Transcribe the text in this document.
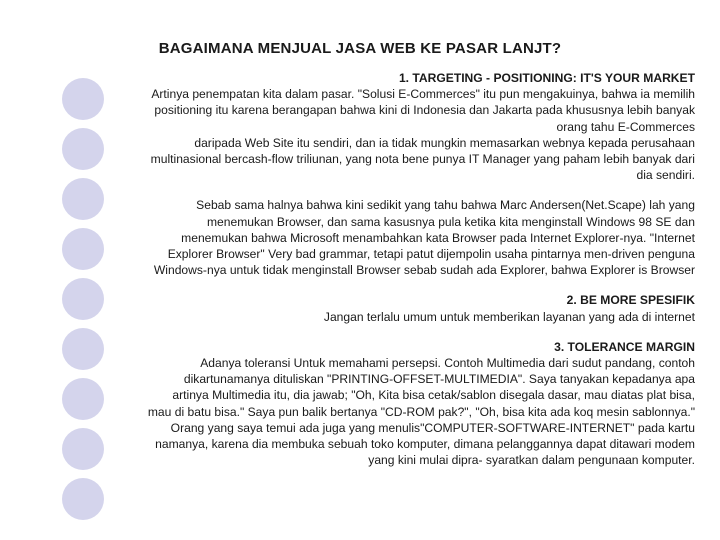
BAGAIMANA MENJUAL JASA WEB KE PASAR LANJT?

1. TARGETING - POSITIONING: IT'S YOUR MARKET

Artinya penempatan kita dalam pasar. "Solusi E-Commerces" itu pun mengakuinya, bahwa ia memilih

positioning itu karena berangapan bahwa kini di Indonesia dan Jakarta pada khususnya lebih banyak

orang tahu E-Commerces

daripada Web Site itu sendiri, dan ia tidak mungkin memasarkan webnya kepada perusahaan

multinasional bercash-flow triliunan, yang nota bene punya IT Manager yang paham lebih banyak dari

dia sendiri.

Sebab sama halnya bahwa kini sedikit yang tahu bahwa Marc Andersen(Net.Scape) lah yang

menemukan Browser, dan sama kasusnya pula ketika kita menginstall Windows 98 SE dan

menemukan bahwa Microsoft menambahkan kata Browser pada Internet Explorer-nya. "Internet

Explorer Browser" Very bad grammar, tetapi patut dijempolin usaha pintarnya men-driven penguna

Windows-nya untuk tidak menginstall Browser sebab sudah ada Explorer, bahwa Explorer is Browser

2. BE MORE SPESIFIK

Jangan terlalu umum untuk memberikan layanan yang ada di internet

3. TOLERANCE MARGIN

Adanya toleransi Untuk memahami persepsi. Contoh Multimedia dari sudut pandang, contoh

dikartunamanya dituliskan "PRINTING-OFFSET-MULTIMEDIA". Saya tanyakan kepadanya apa

artinya Multimedia itu, dia jawab; "Oh, Kita bisa cetak/sablon disegala dasar, mau diatas plat bisa,

mau di batu bisa." Saya pun balik bertanya "CD-ROM pak?", "Oh, bisa kita ada koq mesin sablonnya."

Orang yang saya temui ada juga yang menulis"COMPUTER-SOFTWARE-INTERNET" pada kartu

namanya, karena dia membuka sebuah toko komputer, dimana pelanggannya dapat ditawari modem

yang kini mulai dipra- syaratkan dalam pengunaan komputer.
